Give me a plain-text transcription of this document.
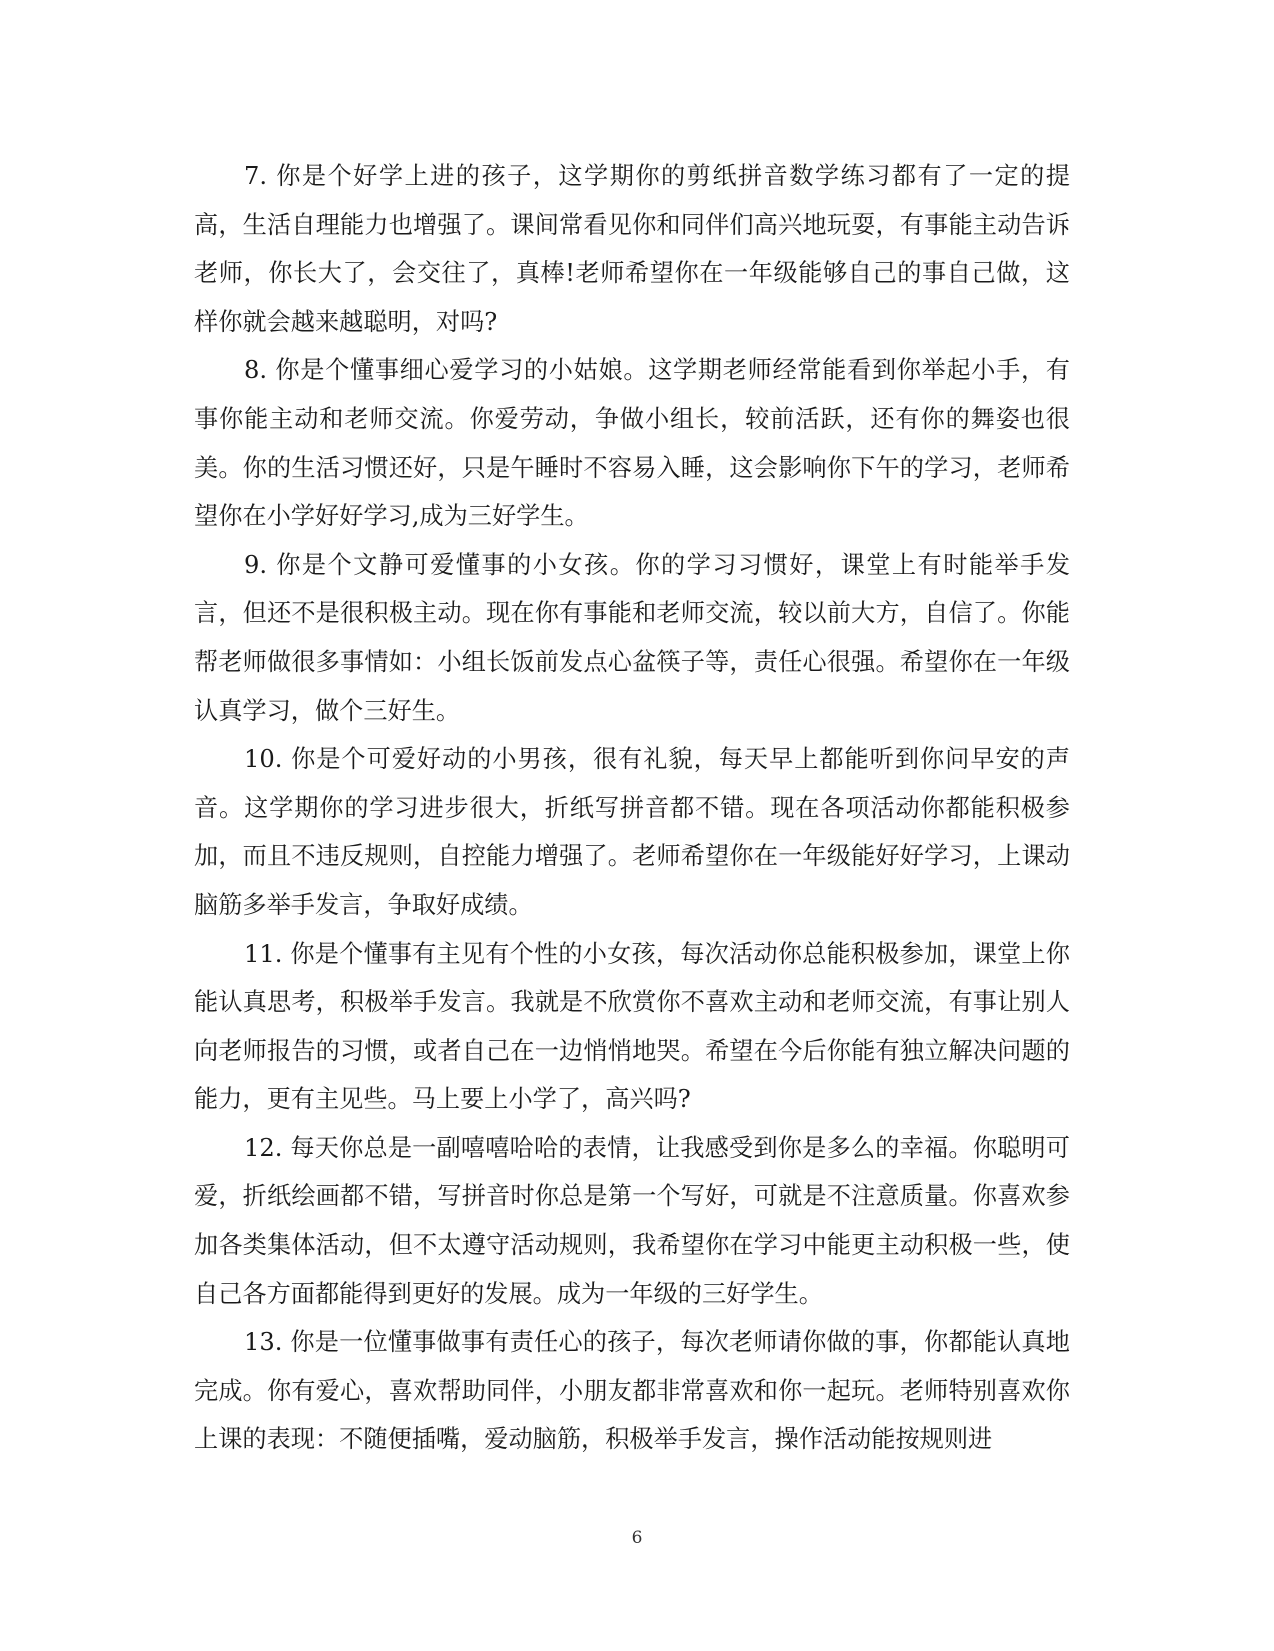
7. 你是个好学上进的孩子，这学期你的剪纸拼音数学练习都有了一定的提高，生活自理能力也增强了。课间常看见你和同伴们高兴地玩耍，有事能主动告诉老师，你长大了，会交往了，真棒!老师希望你在一年级能够自己的事自己做，这样你就会越来越聪明，对吗?

8. 你是个懂事细心爱学习的小姑娘。这学期老师经常能看到你举起小手，有事你能主动和老师交流。你爱劳动，争做小组长，较前活跃，还有你的舞姿也很美。你的生活习惯还好，只是午睡时不容易入睡，这会影响你下午的学习，老师希望你在小学好好学习,成为三好学生。

9. 你是个文静可爱懂事的小女孩。你的学习习惯好，课堂上有时能举手发言，但还不是很积极主动。现在你有事能和老师交流，较以前大方，自信了。你能帮老师做很多事情如：小组长饭前发点心盆筷子等，责任心很强。希望你在一年级认真学习，做个三好生。

10. 你是个可爱好动的小男孩，很有礼貌，每天早上都能听到你问早安的声音。这学期你的学习进步很大，折纸写拼音都不错。现在各项活动你都能积极参加，而且不违反规则，自控能力增强了。老师希望你在一年级能好好学习，上课动脑筋多举手发言，争取好成绩。

11. 你是个懂事有主见有个性的小女孩，每次活动你总能积极参加，课堂上你能认真思考，积极举手发言。我就是不欣赏你不喜欢主动和老师交流，有事让别人向老师报告的习惯，或者自己在一边悄悄地哭。希望在今后你能有独立解决问题的能力，更有主见些。马上要上小学了，高兴吗?

12. 每天你总是一副嘻嘻哈哈的表情，让我感受到你是多么的幸福。你聪明可爱，折纸绘画都不错，写拼音时你总是第一个写好，可就是不注意质量。你喜欢参加各类集体活动，但不太遵守活动规则，我希望你在学习中能更主动积极一些，使自己各方面都能得到更好的发展。成为一年级的三好学生。

13. 你是一位懂事做事有责任心的孩子，每次老师请你做的事，你都能认真地完成。你有爱心，喜欢帮助同伴，小朋友都非常喜欢和你一起玩。老师特别喜欢你上课的表现：不随便插嘴，爱动脑筋，积极举手发言，操作活动能按规则进

6
